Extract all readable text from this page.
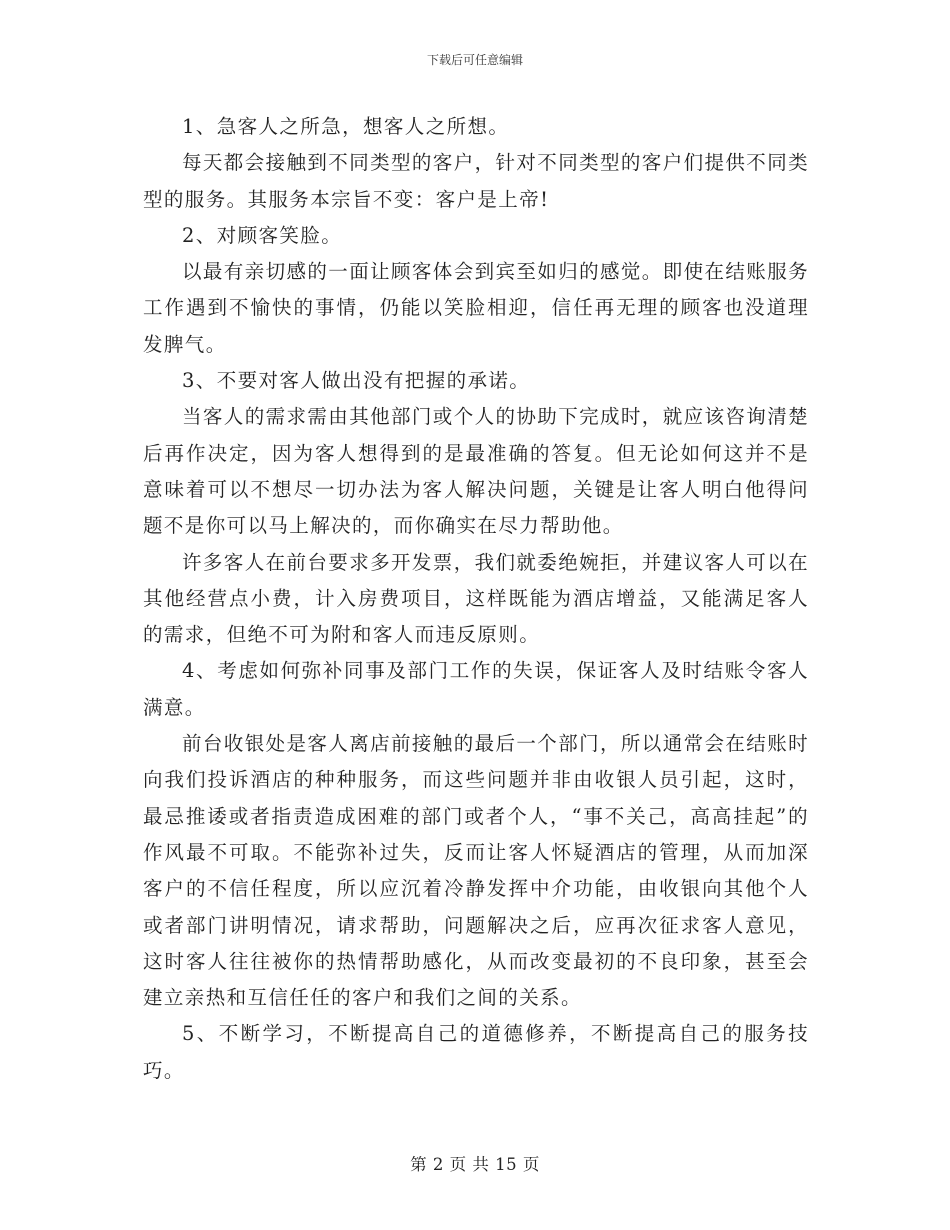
下载后可任意编辑

1、急客人之所急，想客人之所想。

每天都会接触到不同类型的客户，针对不同类型的客户们提供不同类型的服务。其服务本宗旨不变：客户是上帝!

2、对顾客笑脸。

以最有亲切感的一面让顾客体会到宾至如归的感觉。即使在结账服务工作遇到不愉快的事情，仍能以笑脸相迎，信任再无理的顾客也没道理发脾气。

3、不要对客人做出没有把握的承诺。

当客人的需求需由其他部门或个人的协助下完成时，就应该咨询清楚后再作决定，因为客人想得到的是最准确的答复。但无论如何这并不是意味着可以不想尽一切办法为客人解决问题，关键是让客人明白他得问题不是你可以马上解决的，而你确实在尽力帮助他。

许多客人在前台要求多开发票，我们就委绝婉拒，并建议客人可以在其他经营点小费，计入房费项目，这样既能为酒店增益，又能满足客人的需求，但绝不可为附和客人而违反原则。

4、考虑如何弥补同事及部门工作的失误，保证客人及时结账令客人满意。

前台收银处是客人离店前接触的最后一个部门，所以通常会在结账时向我们投诉酒店的种种服务，而这些问题并非由收银人员引起，这时，最忌推诿或者指责造成困难的部门或者个人，“事不关己，高高挂起”的作风最不可取。不能弥补过失，反而让客人怀疑酒店的管理，从而加深客户的不信任程度，所以应沉着冷静发挥中介功能，由收银向其他个人或者部门讲明情况，请求帮助，问题解决之后，应再次征求客人意见，这时客人往往被你的热情帮助感化，从而改变最初的不良印象，甚至会建立亲热和互信任任的客户和我们之间的关系。

5、不断学习，不断提高自己的道德修养，不断提高自己的服务技巧。

第 2 页 共 15 页
